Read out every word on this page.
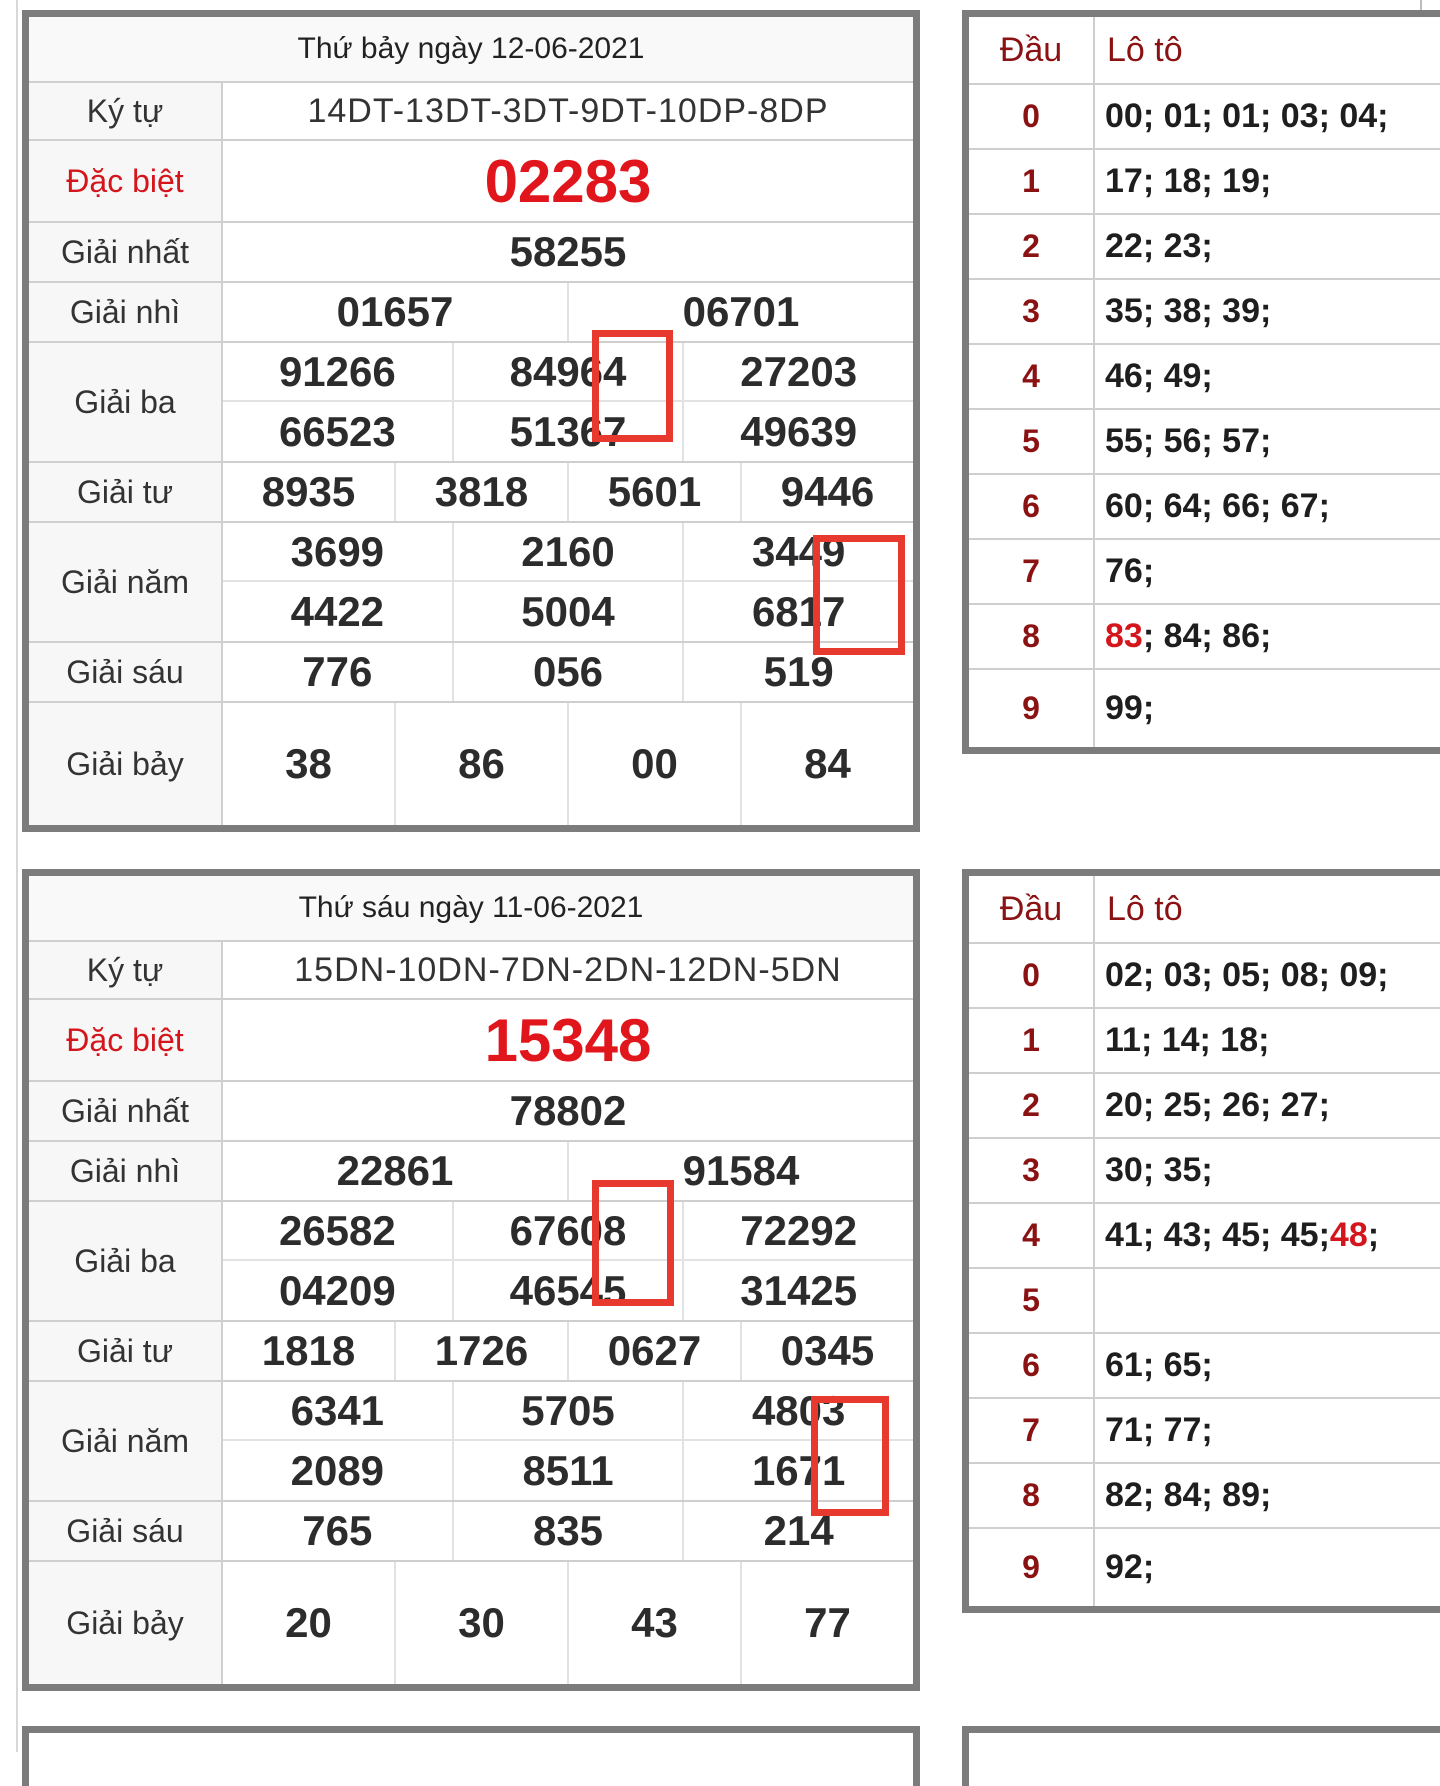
Thứ bảy ngày 12-06-2021
Ký tự	14DT-13DT-3DT-9DT-10DP-8DP
Đặc biệt	02283
Giải nhất	58255
Giải nhì	01657	06701
Giải ba
91266	84964	27203
66523	51367	49639
Giải tư	8935	3818	5601	9446
Giải năm
3699	2160	3449
4422	5004	6817
Giải sáu	776	056	519
Giải bảy	38	86	00	84
Đầu	Lô tô
0	00; 01; 01; 03; 04;
1	17; 18; 19;
2	22; 23;
3	35; 38; 39;
4	46; 49;
5	55; 56; 57;
6	60; 64; 66; 67;
7	76;
8	83 ; 84; 86;
9	99;
Thứ sáu ngày 11-06-2021
Ký tự	15DN-10DN-7DN-2DN-12DN-5DN
Đặc biệt	15348
Giải nhất	78802
Giải nhì	22861	91584
Giải ba
26582	67608	72292
04209	46545	31425
Giải tư	1818	1726	0627	0345
Giải năm
6341	5705	4803
2089	8511	1671
Giải sáu	765	835	214
Giải bảy	20	30	43	77
Đầu	Lô tô
0	02; 03; 05; 08; 09;
1	11; 14; 18;
2	20; 25; 26; 27;
3	30; 35;
4	41; 43; 45; 45; 48 ;
5
6	61; 65;
7	71; 77;
8	82; 84; 89;
9	92;
